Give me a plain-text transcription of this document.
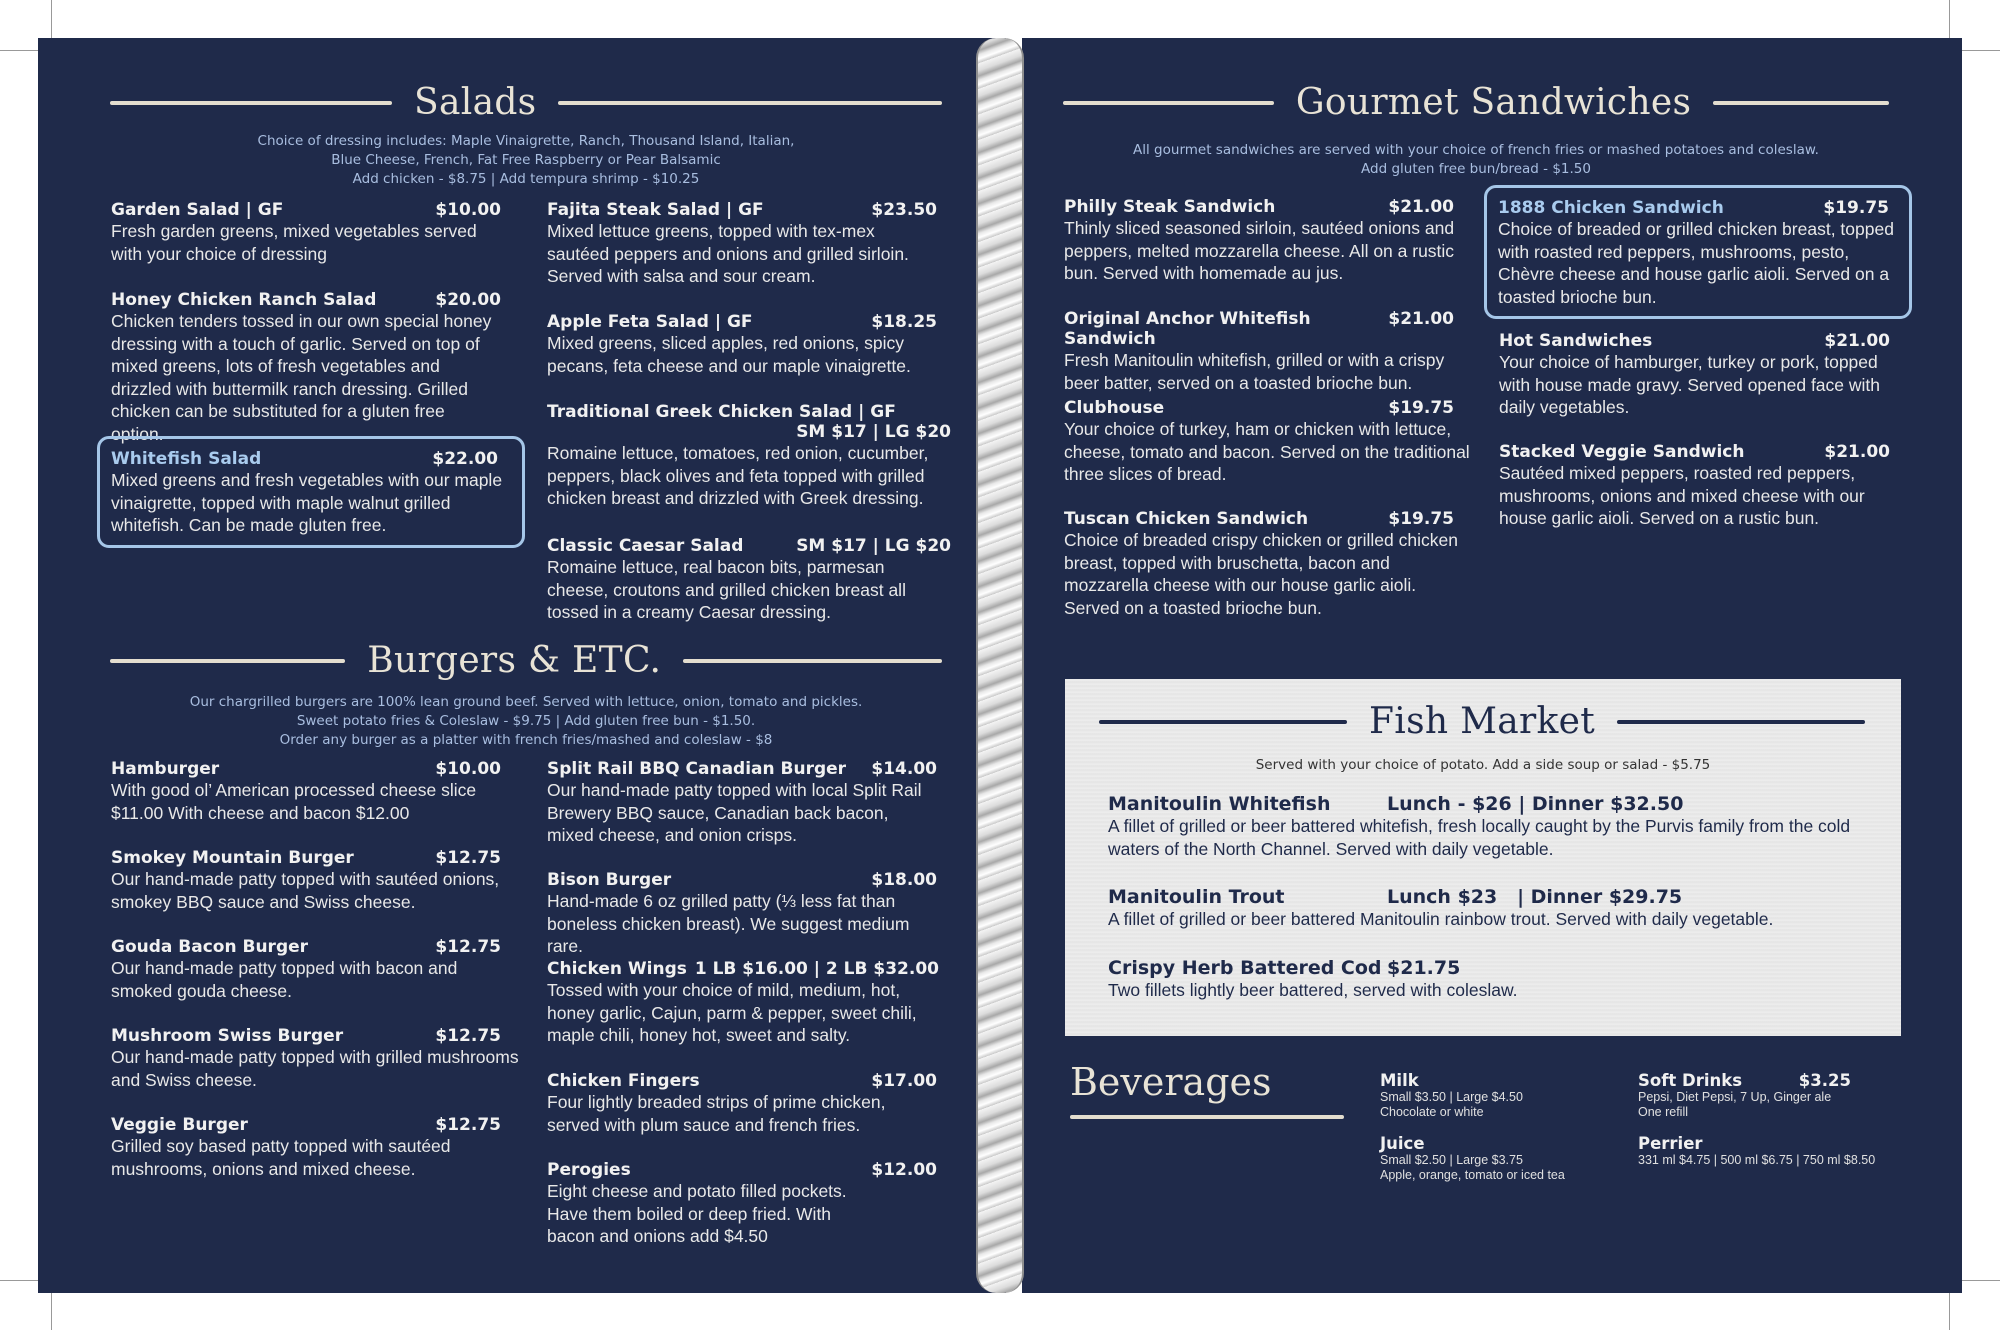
Salads
Choice of dressing includes: Maple Vinaigrette, Ranch, Thousand Island, Italian,
Blue Cheese, French, Fat Free Raspberry or Pear Balsamic
Add chicken - $8.75 | Add tempura shrimp - $10.25
Garden Salad | GF	$10.00
Fresh garden greens, mixed vegetables served with your choice of dressing
Honey Chicken Ranch Salad	$20.00
Chicken tenders tossed in our own special honey dressing with a touch of garlic. Served on top of mixed greens, lots of fresh vegetables and drizzled with buttermilk ranch dressing. Grilled chicken can be substituted for a gluten free option.
Whitefish Salad	$22.00
Mixed greens and fresh vegetables with our maple vinaigrette, topped with maple walnut grilled whitefish. Can be made gluten free.
Fajita Steak Salad | GF	$23.50
Mixed lettuce greens, topped with tex-mex sautéed peppers and onions and grilled sirloin. Served with salsa and sour cream.
Apple Feta Salad | GF	$18.25
Mixed greens, sliced apples, red onions, spicy pecans, feta cheese and our maple vinaigrette.
Traditional Greek Chicken Salad | GF
SM $17 | LG $20
Romaine lettuce, tomatoes, red onion, cucumber, peppers, black olives and feta topped with grilled chicken breast and drizzled with Greek dressing.
Classic Caesar Salad	SM $17 | LG $20
Romaine lettuce, real bacon bits, parmesan cheese, croutons and grilled chicken breast all tossed in a creamy Caesar dressing.
Burgers & ETC.
Our chargrilled burgers are 100% lean ground beef. Served with lettuce, onion, tomato and pickles.
Sweet potato fries & Coleslaw - $9.75 | Add gluten free bun - $1.50.
Order any burger as a platter with french fries/mashed and coleslaw - $8
Hamburger	$10.00
With good ol’ American processed cheese slice $11.00 With cheese and bacon $12.00
Smokey Mountain Burger	$12.75
Our hand-made patty topped with sautéed onions, smokey BBQ sauce and Swiss cheese.
Gouda Bacon Burger	$12.75
Our hand-made patty topped with bacon and smoked gouda cheese.
Mushroom Swiss Burger	$12.75
Our hand-made patty topped with grilled mushrooms and Swiss cheese.
Veggie Burger	$12.75
Grilled soy based patty topped with sautéed mushrooms, onions and mixed cheese.
Split Rail BBQ Canadian Burger $14.00
Our hand-made patty topped with local Split Rail Brewery BBQ sauce, Canadian back bacon, mixed cheese, and onion crisps.
Bison Burger	$18.00
Hand-made 6 oz grilled patty (⅓ less fat than boneless chicken breast). We suggest medium rare.
Chicken Wings 1 LB $16.00 | 2 LB $32.00
Tossed with your choice of mild, medium, hot, honey garlic, Cajun, parm & pepper, sweet chili, maple chili, honey hot, sweet and salty.
Chicken Fingers	$17.00
Four lightly breaded strips of prime chicken, served with plum sauce and french fries.
Perogies	$12.00
Eight cheese and potato filled pockets. Have them boiled or deep fried. With bacon and onions add $4.50
Gourmet Sandwiches
All gourmet sandwiches are served with your choice of french fries or mashed potatoes and coleslaw.
Add gluten free bun/bread - $1.50
Philly Steak Sandwich	$21.00
Thinly sliced seasoned sirloin, sautéed onions and peppers, melted mozzarella cheese. All on a rustic bun. Served with homemade au jus.
Original Anchor Whitefish Sandwich
$21.00
Fresh Manitoulin whitefish, grilled or with a crispy beer batter, served on a toasted brioche bun.
Clubhouse	$19.75
Your choice of turkey, ham or chicken with lettuce, cheese, tomato and bacon. Served on the traditional three slices of bread.
Tuscan Chicken Sandwich	$19.75
Choice of breaded crispy chicken or grilled chicken breast, topped with bruschetta, bacon and mozzarella cheese with our house garlic aioli. Served on a toasted brioche bun.
1888 Chicken Sandwich	$19.75
Choice of breaded or grilled chicken breast, topped with roasted red peppers, mushrooms, pesto, Chèvre cheese and house garlic aioli. Served on a toasted brioche bun.
Hot Sandwiches	$21.00
Your choice of hamburger, turkey or pork, topped with house made gravy. Served opened face with daily vegetables.
Stacked Veggie Sandwich	$21.00
Sautéed mixed peppers, roasted red peppers, mushrooms, onions and mixed cheese with our house garlic aioli. Served on a rustic bun.
Fish Market
Served with your choice of potato. Add a side soup or salad - $5.75
Manitoulin Whitefish	Lunch - $26 | Dinner $32.50
A fillet of grilled or beer battered whitefish, fresh locally caught by the Purvis family from the cold waters of the North Channel. Served with daily vegetable.
Manitoulin Trout	Lunch $23   | Dinner $29.75
A fillet of grilled or beer battered Manitoulin rainbow trout. Served with daily vegetable.
Crispy Herb Battered Cod $21.75
Two fillets lightly beer battered, served with coleslaw.
Beverages	Milk
Small $3.50 | Large $4.50
Chocolate or white
Juice
Small $2.50 | Large $3.75
Apple, orange, tomato or iced tea
Soft Drinks	$3.25
Pepsi, Diet Pepsi, 7 Up, Ginger ale
One refill
Perrier
331 ml $4.75 | 500 ml $6.75 | 750 ml $8.50
